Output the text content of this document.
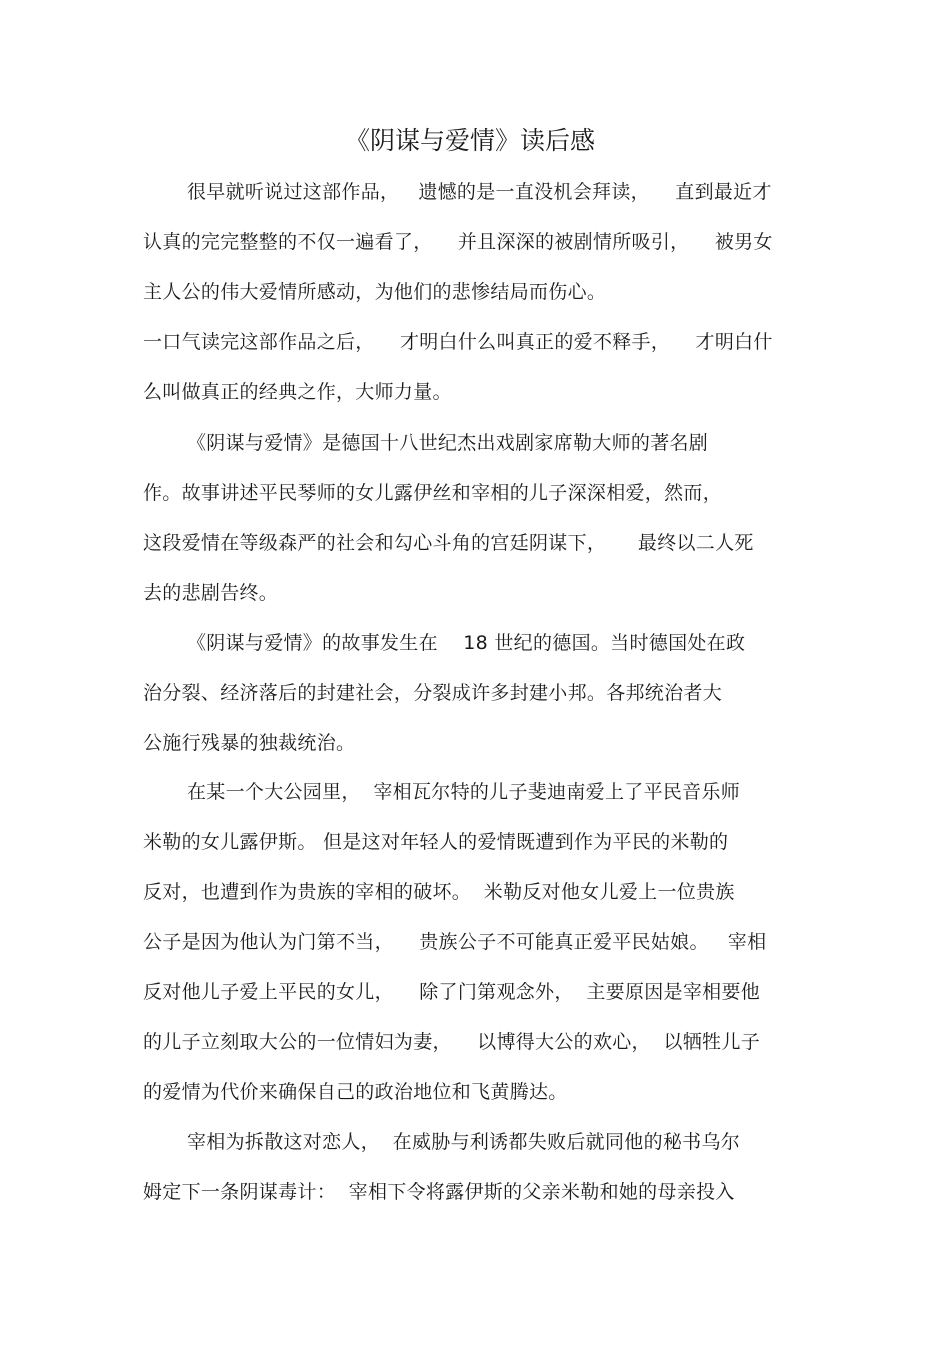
《阴谋与爱情》读后感
很早就听说过这部作品，   遗憾的是一直没机会拜读，    直到最近才
认真的完完整整的不仅一遍看了，    并且深深的被剧情所吸引，    被男女
主人公的伟大爱情所感动，为他们的悲惨结局而伤心。
一口气读完这部作品之后，    才明白什么叫真正的爱不释手，    才明白什
么叫做真正的经典之作，大师力量。
《阴谋与爱情》是德国十八世纪杰出戏剧家席勒大师的著名剧
作。故事讲述平民琴师的女儿露伊丝和宰相的儿子深深相爱，然而，
这段爱情在等级森严的社会和勾心斗角的宫廷阴谋下，     最终以二人死
去的悲剧告终。
《阴谋与爱情》的故事发生在    18 世纪的德国。当时德国处在政
治分裂、经济落后的封建社会，分裂成许多封建小邦。各邦统治者大
公施行残暴的独裁统治。
在某一个大公园里，  宰相瓦尔特的儿子斐迪南爱上了平民音乐师
米勒的女儿露伊斯。 但是这对年轻人的爱情既遭到作为平民的米勒的
反对，也遭到作为贵族的宰相的破坏。  米勒反对他女儿爱上一位贵族
公子是因为他认为门第不当，    贵族公子不可能真正爱平民姑娘。   宰相
反对他儿子爱上平民的女儿，    除了门第观念外，  主要原因是宰相要他
的儿子立刻取大公的一位情妇为妻，    以博得大公的欢心，  以牺牲儿子
的爱情为代价来确保自己的政治地位和飞黄腾达。
宰相为拆散这对恋人，  在威胁与利诱都失败后就同他的秘书乌尔
姆定下一条阴谋毒计：  宰相下令将露伊斯的父亲米勒和她的母亲投入
